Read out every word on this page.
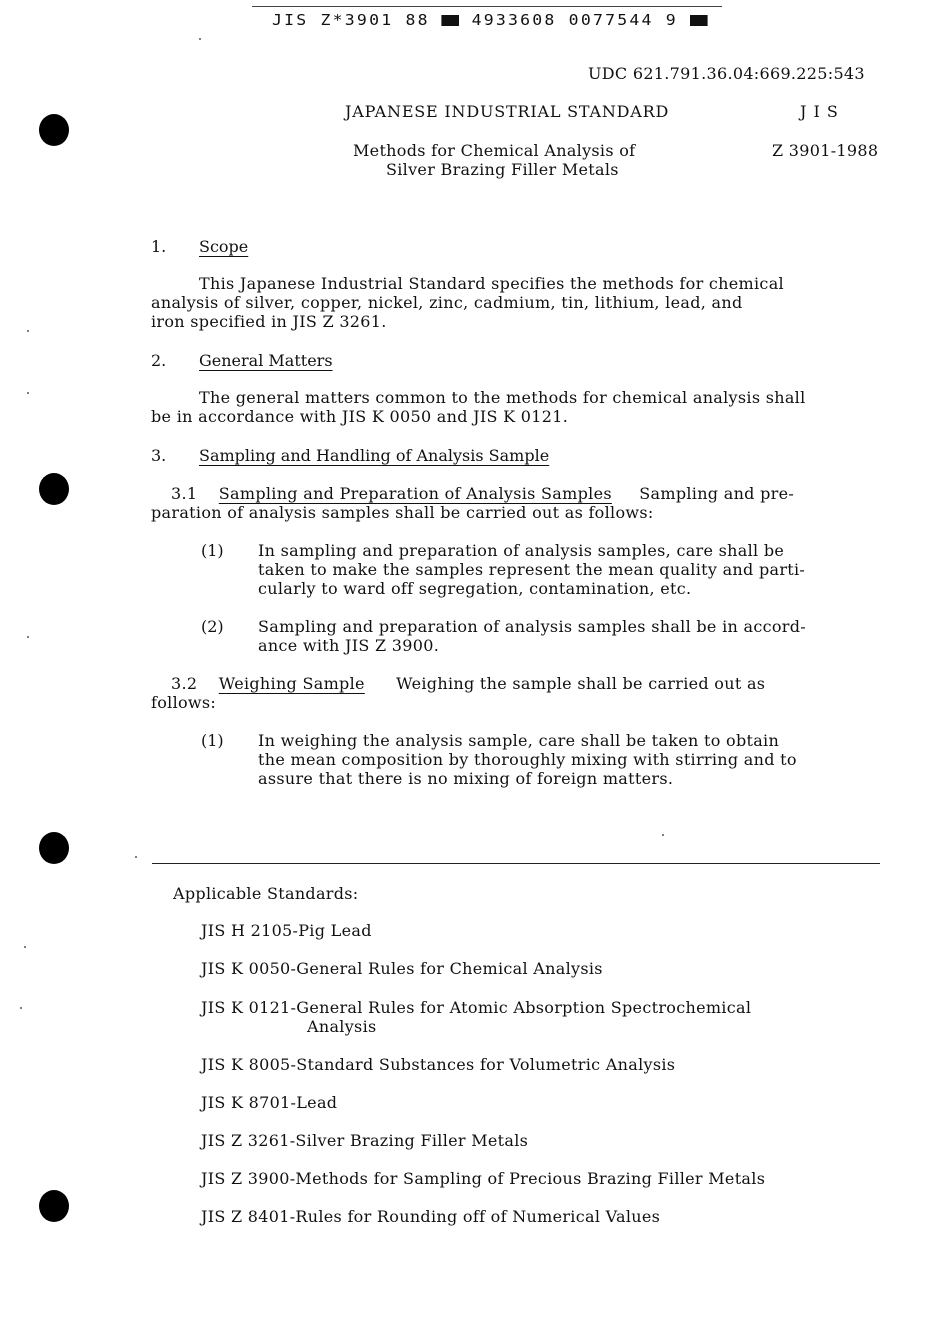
JIS Z*3901 88	4933608 0077544 9
UDC 621.791.36.04:669.225:543
JAPANESE INDUSTRIAL STANDARD	J I S
Methods for Chemical Analysis of
Silver Brazing Filler Metals
Z 3901-1988
1. Scope
This Japanese Industrial Standard specifies the methods for chemical
analysis of silver, copper, nickel, zinc, cadmium, tin, lithium, lead, and
iron specified in JIS Z 3261.
2. General Matters
The general matters common to the methods for chemical analysis shall
be in accordance with JIS K 0050 and JIS K 0121.
3. Sampling and Handling of Analysis Sample
3.1 Sampling and Preparation of Analysis Samples Sampling and pre-
paration of analysis samples shall be carried out as follows:
(1) In sampling and preparation of analysis samples, care shall be
taken to make the samples represent the mean quality and parti-
cularly to ward off segregation, contamination, etc.
(2) Sampling and preparation of analysis samples shall be in accord-
ance with JIS Z 3900.
3.2 Weighing Sample Weighing the sample shall be carried out as
follows:
(1) In weighing the analysis sample, care shall be taken to obtain
the mean composition by thoroughly mixing with stirring and to
assure that there is no mixing of foreign matters.
Applicable Standards:
JIS H 2105-Pig Lead
JIS K 0050-General Rules for Chemical Analysis
JIS K 0121-General Rules for Atomic Absorption Spectrochemical
Analysis
JIS K 8005-Standard Substances for Volumetric Analysis
JIS K 8701-Lead
JIS Z 3261-Silver Brazing Filler Metals
JIS Z 3900-Methods for Sampling of Precious Brazing Filler Metals
JIS Z 8401-Rules for Rounding off of Numerical Values
